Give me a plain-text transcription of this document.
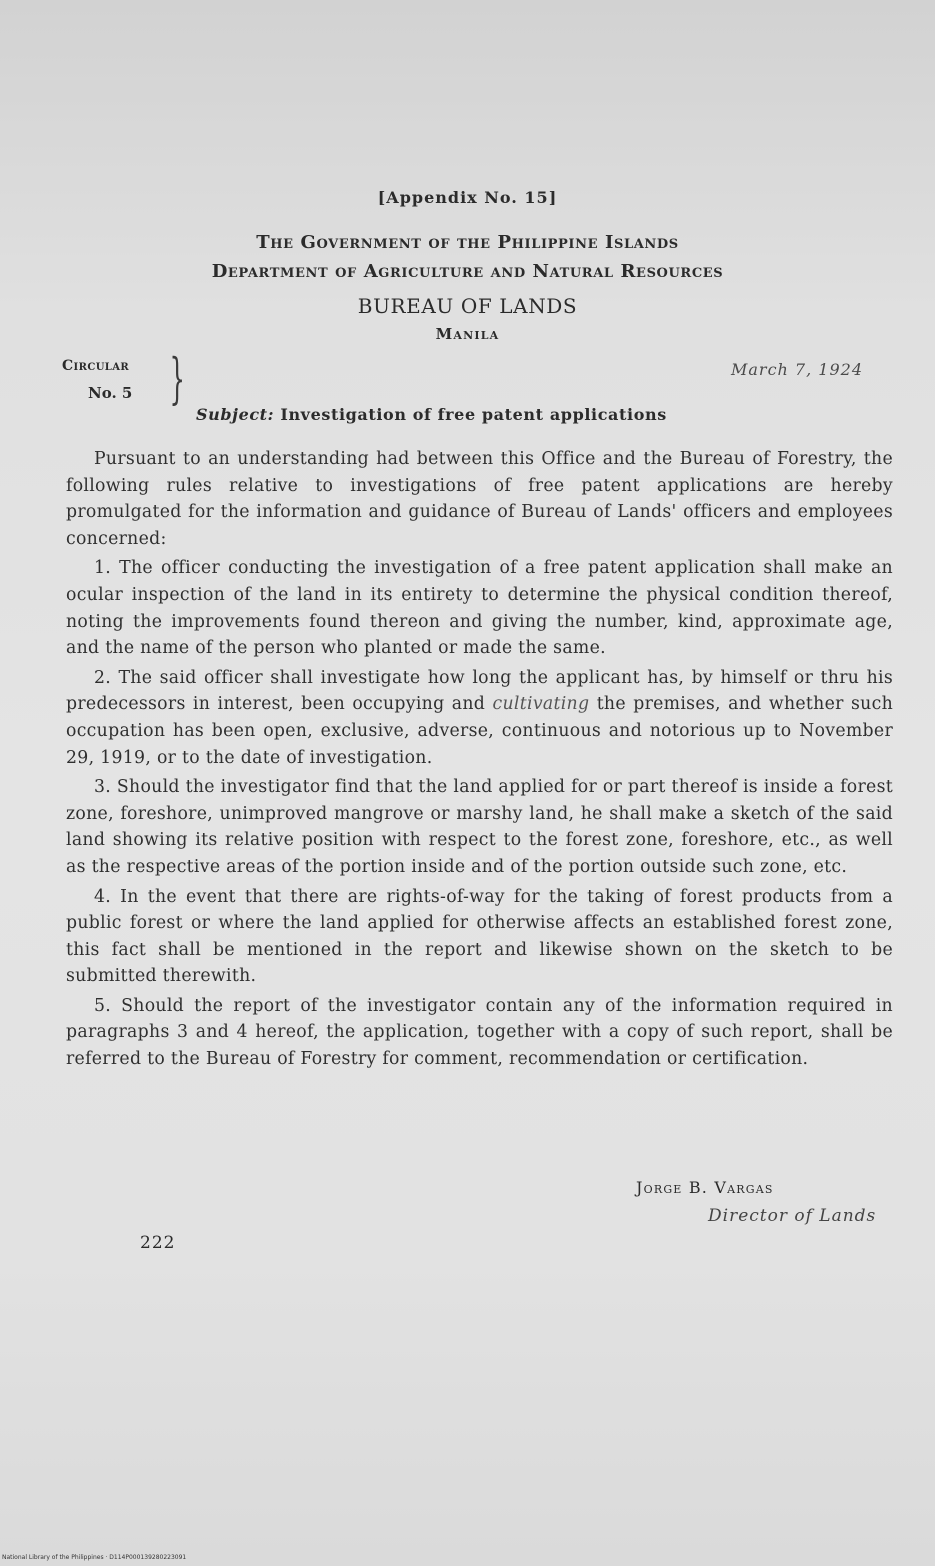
[Appendix No. 15]
The Government of the Philippine Islands
Department of Agriculture and Natural Resources
BUREAU OF LANDS
Manila
Circular
No. 5 }	March 7, 1924
Subject: Investigation of free patent applications

Pursuant to an understanding had between this Office and the Bureau of Forestry, the following rules relative to investigations of free patent applications are hereby promulgated for the information and guidance of Bureau of Lands' officers and employees concerned:

1. The officer conducting the investigation of a free patent application shall make an ocular inspection of the land in its entirety to determine the physical condition thereof, noting the improvements found thereon and giving the number, kind, approximate age, and the name of the person who planted or made the same.

2. The said officer shall investigate how long the applicant has, by himself or thru his predecessors in interest, been occupying and cultivating the premises, and whether such occupation has been open, exclusive, adverse, continuous and notorious up to November 29, 1919, or to the date of investigation.

3. Should the investigator find that the land applied for or part thereof is inside a forest zone, foreshore, unimproved mangrove or marshy land, he shall make a sketch of the said land showing its relative position with respect to the forest zone, foreshore, etc., as well as the respective areas of the portion inside and of the portion outside such zone, etc.

4. In the event that there are rights-of-way for the taking of forest products from a public forest or where the land applied for otherwise affects an established forest zone, this fact shall be mentioned in the report and likewise shown on the sketch to be submitted therewith.

5. Should the report of the investigator contain any of the information required in paragraphs 3 and 4 hereof, the application, together with a copy of such report, shall be referred to the Bureau of Forestry for comment, recommendation or certification.

Jorge B. Vargas
Director of Lands
222
National Library of the Philippines · D114P000139280223091
